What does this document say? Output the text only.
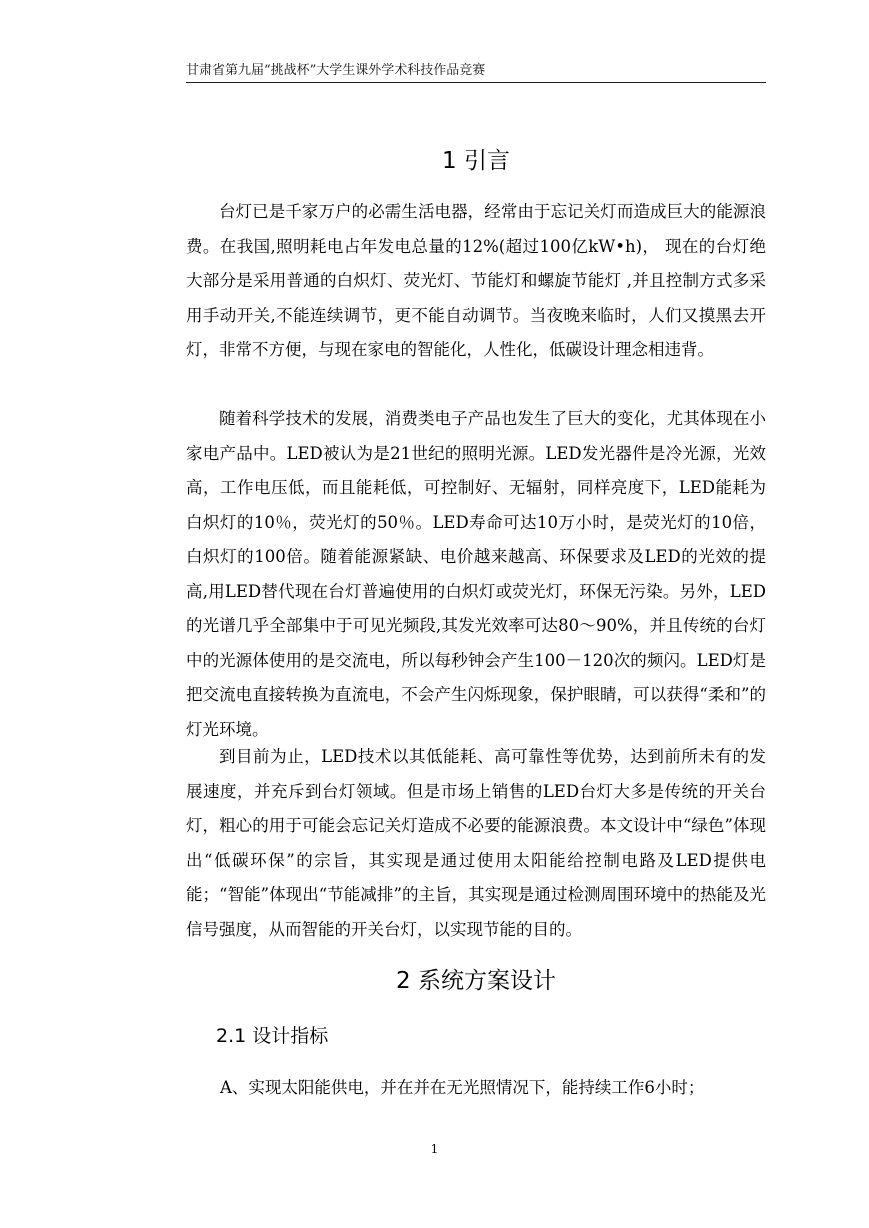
甘肃省第九届“挑战杯”大学生课外学术科技作品竞赛
1 引言

台灯已是千家万户的必需生活电器，经常由于忘记关灯而造成巨大的能源浪费。在我国,照明耗电占年发电总量的12%(超过100亿kW•h)， 现在的台灯绝大部分是采用普通的白炽灯、荧光灯、节能灯和螺旋节能灯 ,并且控制方式多采用手动开关,不能连续调节，更不能自动调节。当夜晚来临时，人们又摸黑去开灯，非常不方便，与现在家电的智能化，人性化，低碳设计理念相违背。

随着科学技术的发展，消费类电子产品也发生了巨大的变化，尤其体现在小家电产品中。LED被认为是21世纪的照明光源。LED发光器件是冷光源，光效高，工作电压低，而且能耗低，可控制好、无辐射，同样亮度下，LED能耗为白炽灯的10％，荧光灯的50％。LED寿命可达10万小时，是荧光灯的10倍，白炽灯的100倍。随着能源紧缺、电价越来越高、环保要求及LED的光效的提高,用LED替代现在台灯普遍使用的白炽灯或荧光灯，环保无污染。另外，LED的光谱几乎全部集中于可见光频段,其发光效率可达80～90%，并且传统的台灯中的光源体使用的是交流电，所以每秒钟会产生100－120次的频闪。LED灯是把交流电直接转换为直流电，不会产生闪烁现象，保护眼睛，可以获得“柔和”的灯光环境。

到目前为止，LED技术以其低能耗、高可靠性等优势，达到前所未有的发展速度，并充斥到台灯领域。但是市场上销售的LED台灯大多是传统的开关台灯，粗心的用于可能会忘记关灯造成不必要的能源浪费。本文设计中“绿色”体现出“低碳环保”的宗旨，其实现是通过使用太阳能给控制电路及LED提供电能；“智能”体现出“节能减排”的主旨，其实现是通过检测周围环境中的热能及光信号强度，从而智能的开关台灯，以实现节能的目的。

2 系统方案设计
2.1 设计指标

A、实现太阳能供电，并在并在无光照情况下，能持续工作6小时；

1
